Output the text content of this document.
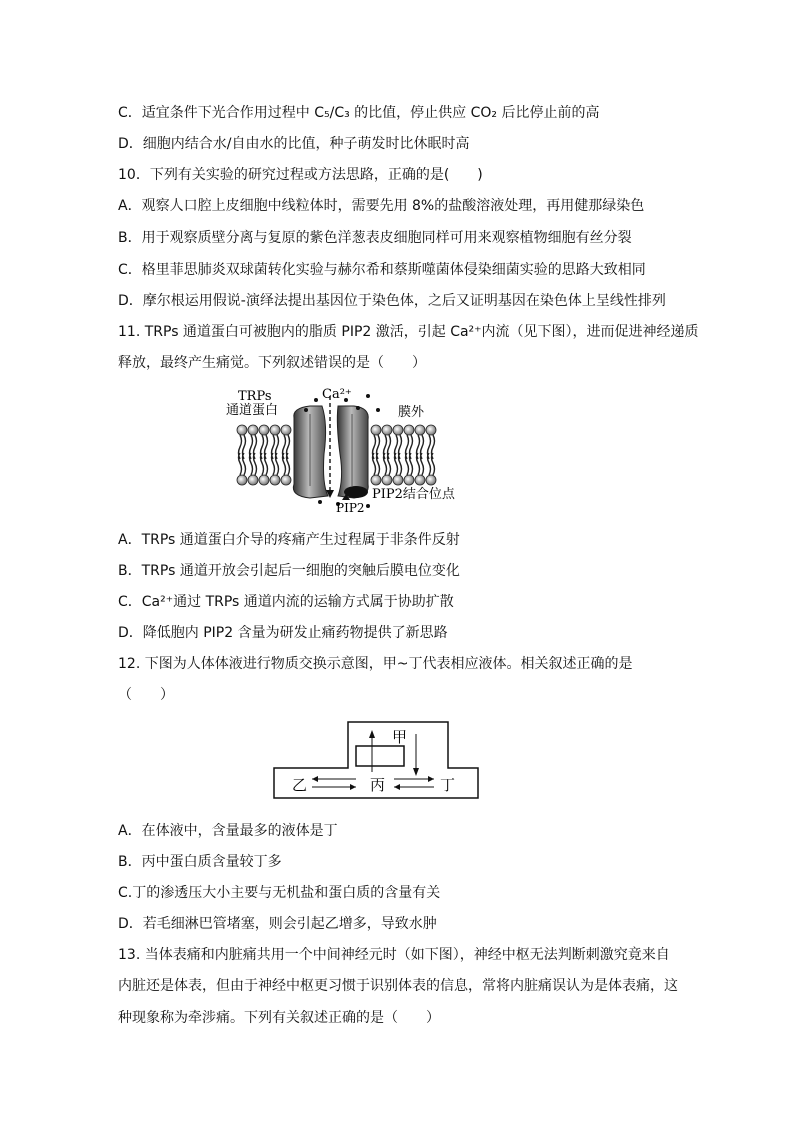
C．适宜条件下光合作用过程中 C₅/C₃ 的比值，停止供应 CO₂ 后比停止前的高
D．细胞内结合水/自由水的比值，种子萌发时比休眠时高
10．下列有关实验的研究过程或方法思路，正确的是(　　)
A．观察人口腔上皮细胞中线粒体时，需要先用 8%的盐酸溶液处理，再用健那绿染色
B．用于观察质壁分离与复原的紫色洋葱表皮细胞同样可用来观察植物细胞有丝分裂
C．格里菲思肺炎双球菌转化实验与赫尔希和蔡斯噬菌体侵染细菌实验的思路大致相同
D．摩尔根运用假说-演绎法提出基因位于染色体，之后又证明基因在染色体上呈线性排列
11. TRPs 通道蛋白可被胞内的脂质 PIP2 激活，引起 Ca²⁺内流（见下图），进而促进神经递质
释放，最终产生痛觉。下列叙述错误的是（　　）
TRPs
通道蛋白
Ca²⁺
膜外
PIP2结合位点
PIP2
A．TRPs 通道蛋白介导的疼痛产生过程属于非条件反射
B．TRPs 通道开放会引起后一细胞的突触后膜电位变化
C．Ca²⁺通过 TRPs 通道内流的运输方式属于协助扩散
D．降低胞内 PIP2 含量为研发止痛药物提供了新思路
12. 下图为人体体液进行物质交换示意图，甲~丁代表相应液体。相关叙述正确的是
（　　）
甲
乙	丙	丁
A．在体液中，含量最多的液体是丁
B．丙中蛋白质含量较丁多
C.丁的渗透压大小主要与无机盐和蛋白质的含量有关
D．若毛细淋巴管堵塞，则会引起乙增多，导致水肿
13. 当体表痛和内脏痛共用一个中间神经元时（如下图），神经中枢无法判断刺激究竟来自
内脏还是体表，但由于神经中枢更习惯于识别体表的信息，常将内脏痛误认为是体表痛，这
种现象称为牵涉痛。下列有关叙述正确的是（　　）
